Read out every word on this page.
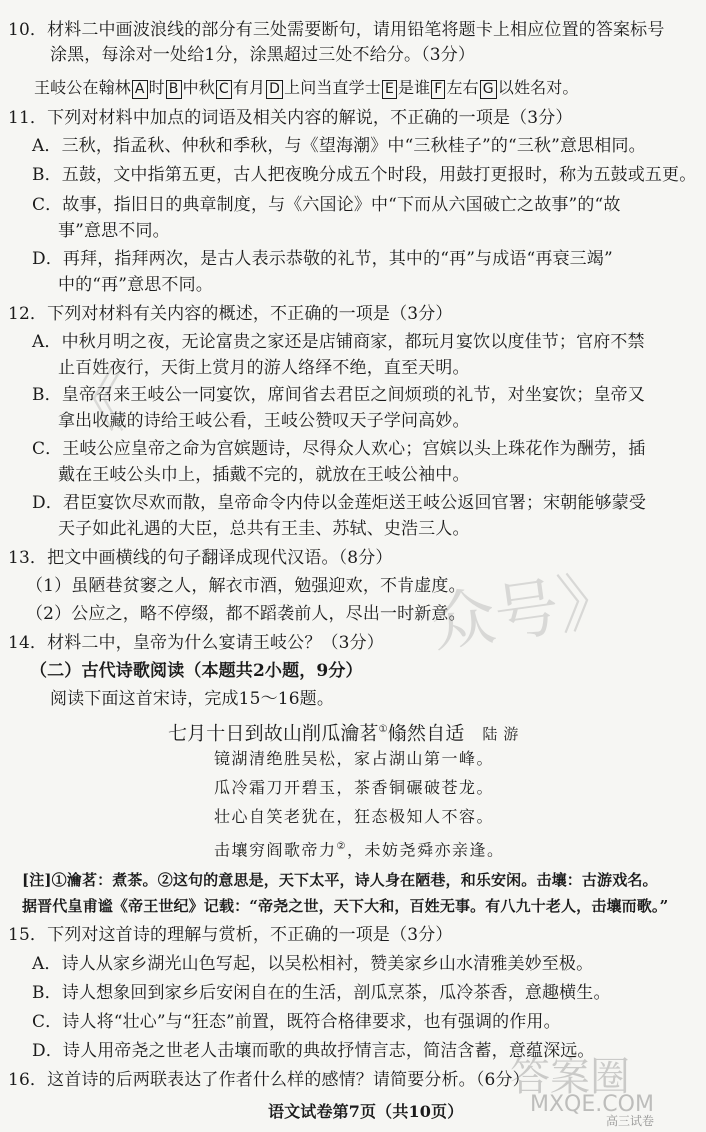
10．材料二中画波浪线的部分有三处需要断句，请用铅笔将题卡上相应位置的答案标号
涂黑，每涂对一处给1分，涂黑超过三处不给分。（3分）
王岐公在翰林 A 时 B 中秋 C 有月 D 上问当直学士 E 是谁 F 左右 G 以姓名对。
11．下列对材料中加点的词语及相关内容的解说，不正确的一项是（3分）
A．三秋，指孟秋、仲秋和季秋，与《望海潮》中“三秋桂子”的“三秋”意思相同。
B．五鼓，文中指第五更，古人把夜晚分成五个时段，用鼓打更报时，称为五鼓或五更。
C．故事，指旧日的典章制度，与《六国论》中“下而从六国破亡之故事”的“故
事”意思不同。
D．再拜，指拜两次，是古人表示恭敬的礼节，其中的“再”与成语“再衰三竭”
中的“再”意思不同。
12．下列对材料有关内容的概述，不正确的一项是（3分）
A．中秋月明之夜，无论富贵之家还是店铺商家，都玩月宴饮以度佳节；官府不禁
止百姓夜行，天街上赏月的游人络绎不绝，直至天明。
B．皇帝召来王岐公一同宴饮，席间省去君臣之间烦琐的礼节，对坐宴饮；皇帝又
拿出收藏的诗给王岐公看，王岐公赞叹天子学问高妙。
C．王岐公应皇帝之命为宫嫔题诗，尽得众人欢心；宫嫔以头上珠花作为酬劳，插
戴在王岐公头巾上，插戴不完的，就放在王岐公袖中。
D．君臣宴饮尽欢而散，皇帝命令内侍以金莲炬送王岐公返回官署；宋朝能够蒙受
天子如此礼遇的大臣，总共有王圭、苏轼、史浩三人。
13．把文中画横线的句子翻译成现代汉语。（8分）
（1）虽陋巷贫窭之人，解衣市酒，勉强迎欢，不肯虚度。
（2）公应之，略不停缀，都不蹈袭前人，尽出一时新意。
14．材料二中，皇帝为什么宴请王岐公？（3分）
（二）古代诗歌阅读（本题共2小题，9分）
阅读下面这首宋诗，完成15～16题。
七月十日到故山削瓜瀹茗①翛然自适 陆游
镜湖清绝胜吴松，家占湖山第一峰。
瓜冷霜刀开碧玉，茶香铜碾破苍龙。
壮心自笑老犹在，狂态极知人不容。
击壤穷阎歌帝力②，未妨尧舜亦亲逢。
[注]①瀹茗：煮茶。②这句的意思是，天下太平，诗人身在陋巷，和乐安闲。击壤：古游戏名。
据晋代皇甫谧《帝王世纪》记载：“帝尧之世，天下大和，百姓无事。有八九十老人，击壤而歌。”
15．下列对这首诗的理解与赏析，不正确的一项是（3分）
A．诗人从家乡湖光山色写起，以吴松相衬，赞美家乡山水清雅美妙至极。
B．诗人想象回到家乡后安闲自在的生活，剖瓜烹茶，瓜冷茶香，意趣横生。
C．诗人将“壮心”与“狂态”前置，既符合格律要求，也有强调的作用。
D．诗人用帝尧之世老人击壤而歌的典故抒情言志，简洁含蓄，意蕴深远。
16．这首诗的后两联表达了作者什么样的感情？请简要分析。（6分）
语文试卷第7页（共10页）
《
众号》
答案圈
MXQE.COM
高三试卷
